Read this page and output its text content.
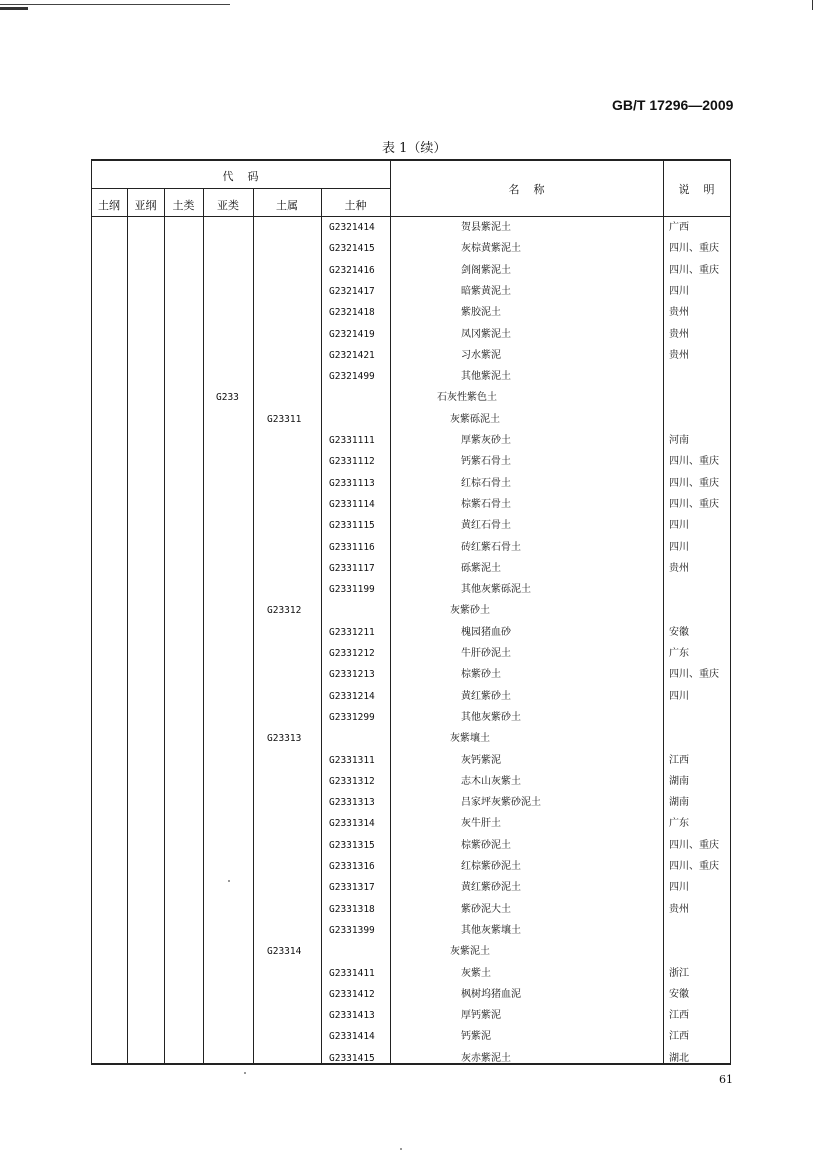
GB/T 17296—2009
表 1（续）
代    码
土纲	亚纲	土类	亚类	土属	土种
名    称	说    明
G2321414	贺县紫泥土	广西
G2321415	灰棕黄紫泥土	四川、重庆
G2321416	剑阁紫泥土	四川、重庆
G2321417	暗紫黄泥土	四川
G2321418	紫胶泥土	贵州
G2321419	凤冈紫泥土	贵州
G2321421	习水紫泥	贵州
G2321499	其他紫泥土
G233	石灰性紫色土
G23311	灰紫砾泥土
G2331111	厚紫灰砂土	河南
G2331112	钙紫石骨土	四川、重庆
G2331113	红棕石骨土	四川、重庆
G2331114	棕紫石骨土	四川、重庆
G2331115	黄红石骨土	四川
G2331116	砖红紫石骨土	四川
G2331117	砾紫泥土	贵州
G2331199	其他灰紫砾泥土
G23312	灰紫砂土
G2331211	槐园猪血砂	安徽
G2331212	牛肝砂泥土	广东
G2331213	棕紫砂土	四川、重庆
G2331214	黄红紫砂土	四川
G2331299	其他灰紫砂土
G23313	灰紫壤土
G2331311	灰钙紫泥	江西
G2331312	志木山灰紫土	湖南
G2331313	吕家坪灰紫砂泥土	湖南
G2331314	灰牛肝土	广东
G2331315	棕紫砂泥土	四川、重庆
G2331316	红棕紫砂泥土	四川、重庆
G2331317	黄红紫砂泥土	四川
G2331318	紫砂泥大土	贵州
G2331399	其他灰紫壤土
G23314	灰紫泥土
G2331411	灰紫土	浙江
G2331412	枫树坞猪血泥	安徽
G2331413	厚钙紫泥	江西
G2331414	钙紫泥	江西
G2331415	灰赤紫泥土	湖北
61
